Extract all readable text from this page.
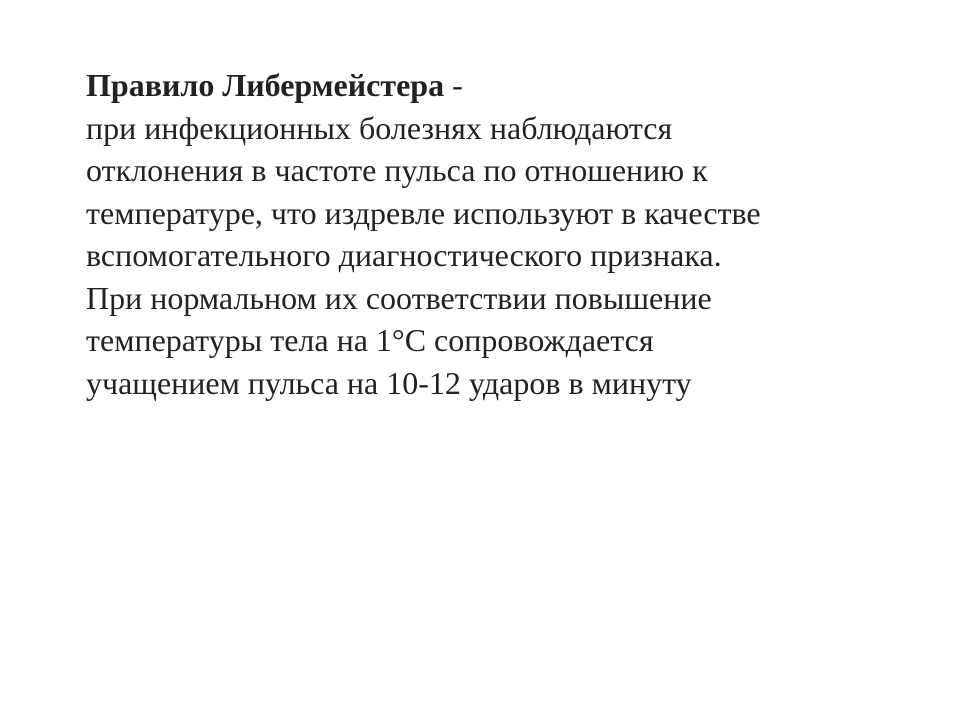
Правило Либермейстера -
при инфекционных болезнях наблюдаются
отклонения в частоте пульса по отношению к
температуре, что издревле используют в качестве
вспомогательного диагностического признака.
При нормальном их соответствии повышение
температуры тела на 1°С сопровождается
учащением пульса на 10-12 ударов в минуту
